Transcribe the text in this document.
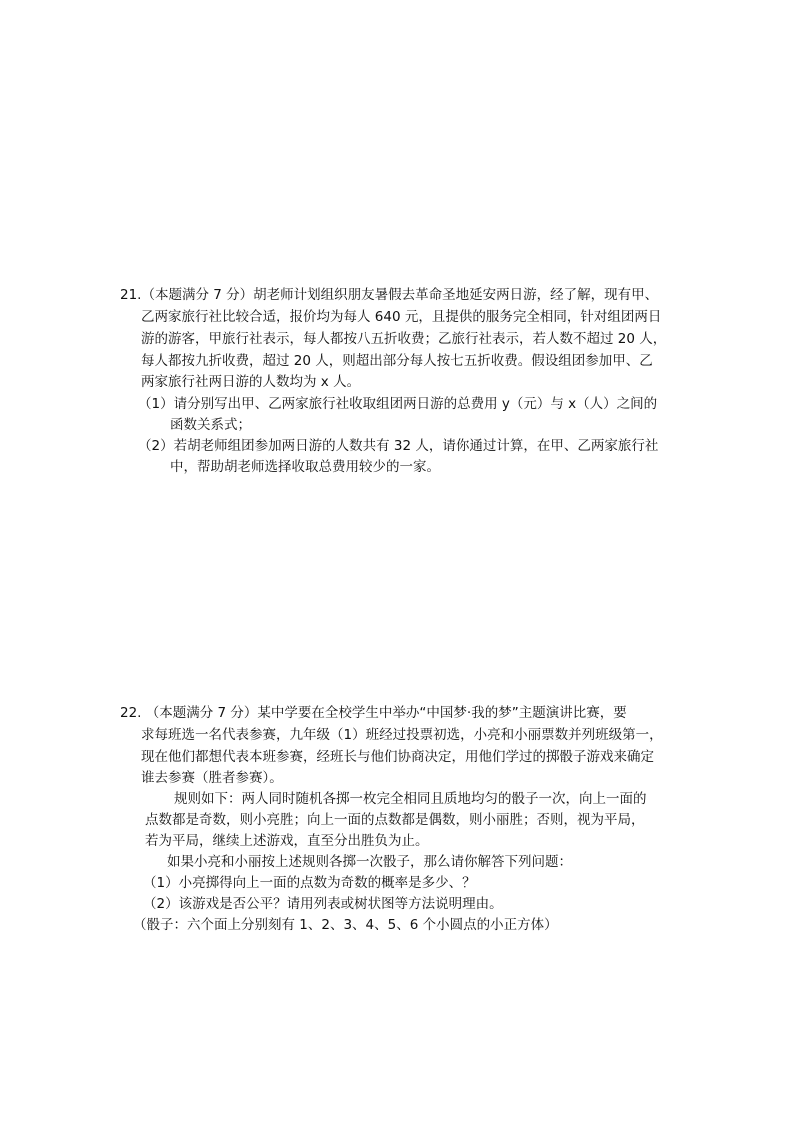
21.（本题满分 7 分）胡老师计划组织朋友暑假去革命圣地延安两日游，经了解，现有甲、
乙两家旅行社比较合适，报价均为每人 640 元，且提供的服务完全相同，针对组团两日
游的游客，甲旅行社表示，每人都按八五折收费；乙旅行社表示，若人数不超过 20 人，
每人都按九折收费，超过 20 人，则超出部分每人按七五折收费。假设组团参加甲、乙
两家旅行社两日游的人数均为 x 人。
（1）请分别写出甲、乙两家旅行社收取组团两日游的总费用 y（元）与 x（人）之间的
函数关系式；
（2）若胡老师组团参加两日游的人数共有 32 人，请你通过计算，在甲、乙两家旅行社
中，帮助胡老师选择收取总费用较少的一家。
22. （本题满分 7 分）某中学要在全校学生中举办“中国梦·我的梦”主题演讲比赛，要
求每班选一名代表参赛，九年级（1）班经过投票初选，小亮和小丽票数并列班级第一，
现在他们都想代表本班参赛，经班长与他们协商决定，用他们学过的掷骰子游戏来确定
谁去参赛（胜者参赛）。
规则如下：两人同时随机各掷一枚完全相同且质地均匀的骰子一次，向上一面的
点数都是奇数，则小亮胜；向上一面的点数都是偶数，则小丽胜；否则，视为平局，
若为平局，继续上述游戏，直至分出胜负为止。
如果小亮和小丽按上述规则各掷一次骰子，那么请你解答下列问题：
（1）小亮掷得向上一面的点数为奇数的概率是多少、？
（2）该游戏是否公平？请用列表或树状图等方法说明理由。
（骰子：六个面上分别刻有 1、2、3、4、5、6 个小圆点的小正方体）
